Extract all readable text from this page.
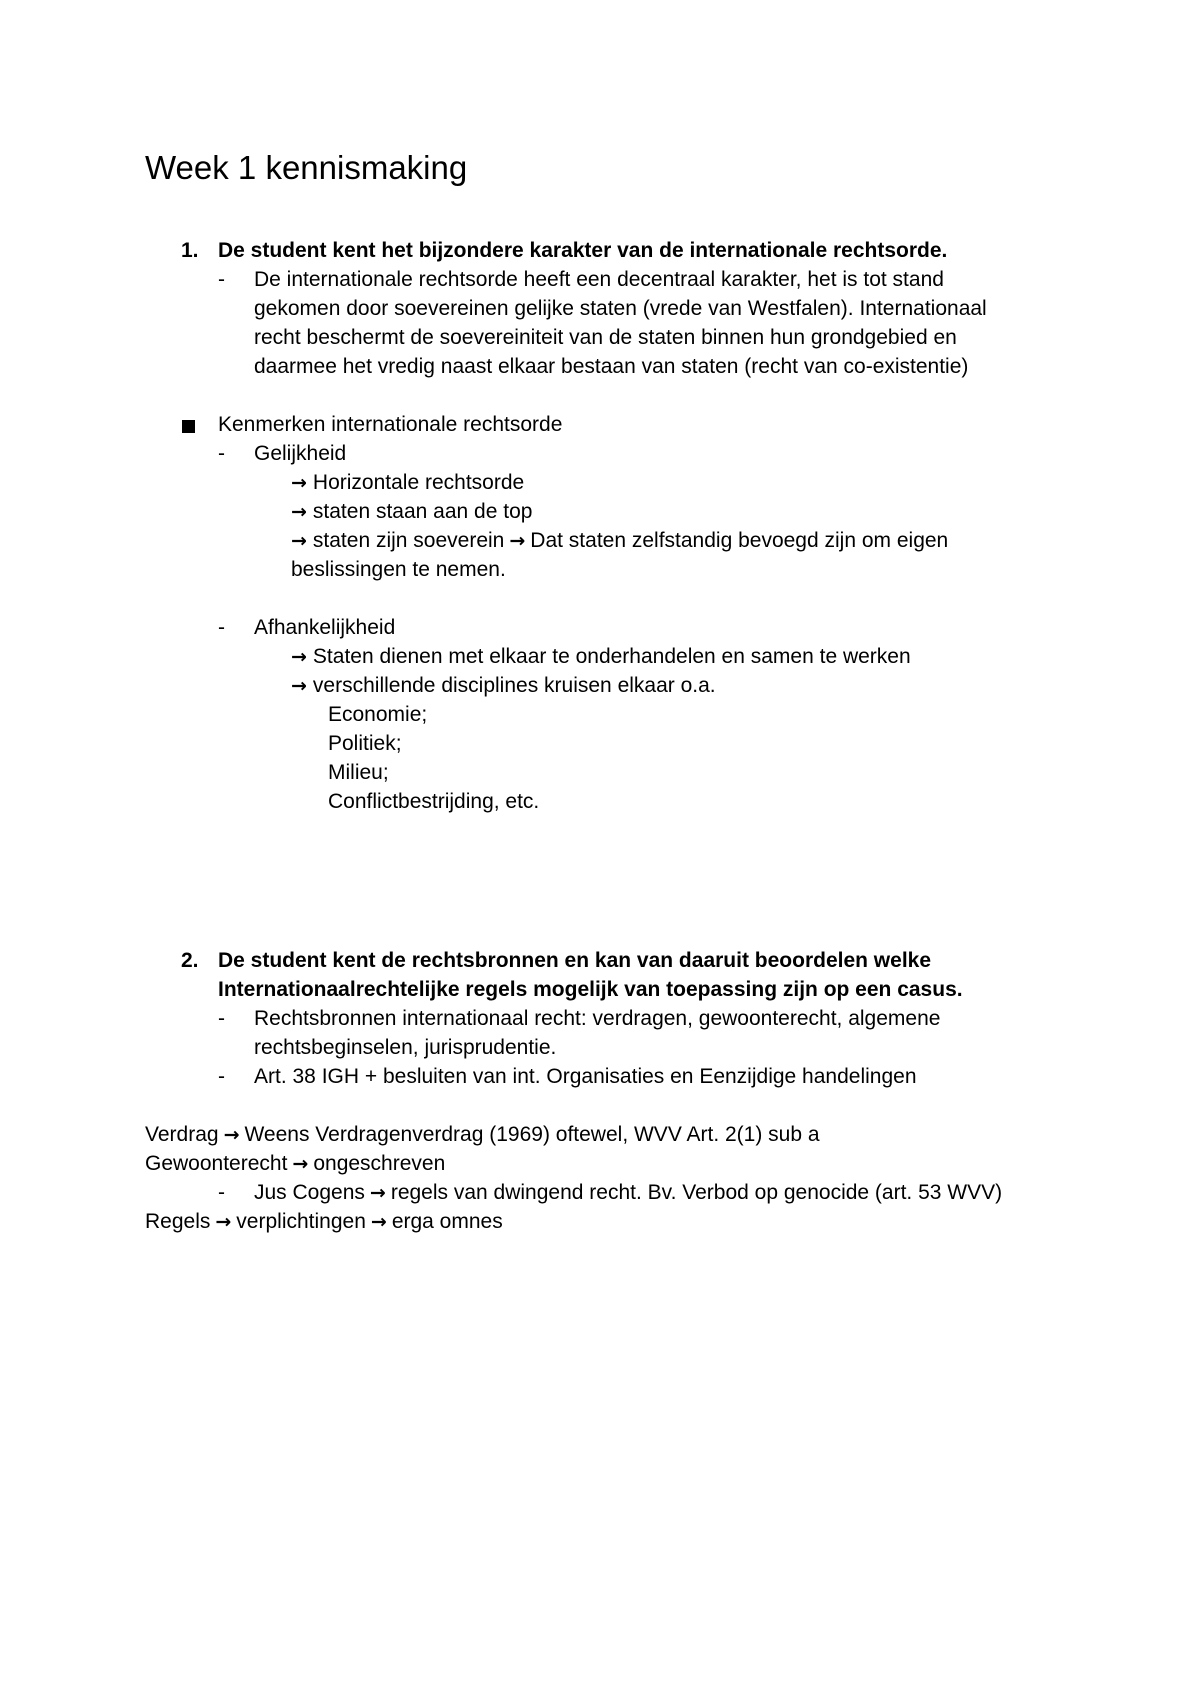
Week 1 kennismaking
1. De student kent het bijzondere karakter van de internationale rechtsorde.
- De internationale rechtsorde heeft een decentraal karakter, het is tot stand
gekomen door soevereinen gelijke staten (vrede van Westfalen). Internationaal
recht beschermt de soevereiniteit van de staten binnen hun grondgebied en
daarmee het vredig naast elkaar bestaan van staten (recht van co-existentie)
Kenmerken internationale rechtsorde
- Gelijkheid
→ Horizontale rechtsorde
→ staten staan aan de top
→ staten zijn soeverein → Dat staten zelfstandig bevoegd zijn om eigen
beslissingen te nemen.
- Afhankelijkheid
→ Staten dienen met elkaar te onderhandelen en samen te werken
→ verschillende disciplines kruisen elkaar o.a.
Economie;
Politiek;
Milieu;
Conflictbestrijding, etc.
2. De student kent de rechtsbronnen en kan van daaruit beoordelen welke
Internationaalrechtelijke regels mogelijk van toepassing zijn op een casus.
- Rechtsbronnen internationaal recht: verdragen, gewoonterecht, algemene
rechtsbeginselen, jurisprudentie.
- Art. 38 IGH + besluiten van int. Organisaties en Eenzijdige handelingen
Verdrag → Weens Verdragenverdrag (1969) oftewel, WVV Art. 2(1) sub a
Gewoonterecht → ongeschreven
- Jus Cogens → regels van dwingend recht. Bv. Verbod op genocide (art. 53 WVV)
Regels → verplichtingen → erga omnes
